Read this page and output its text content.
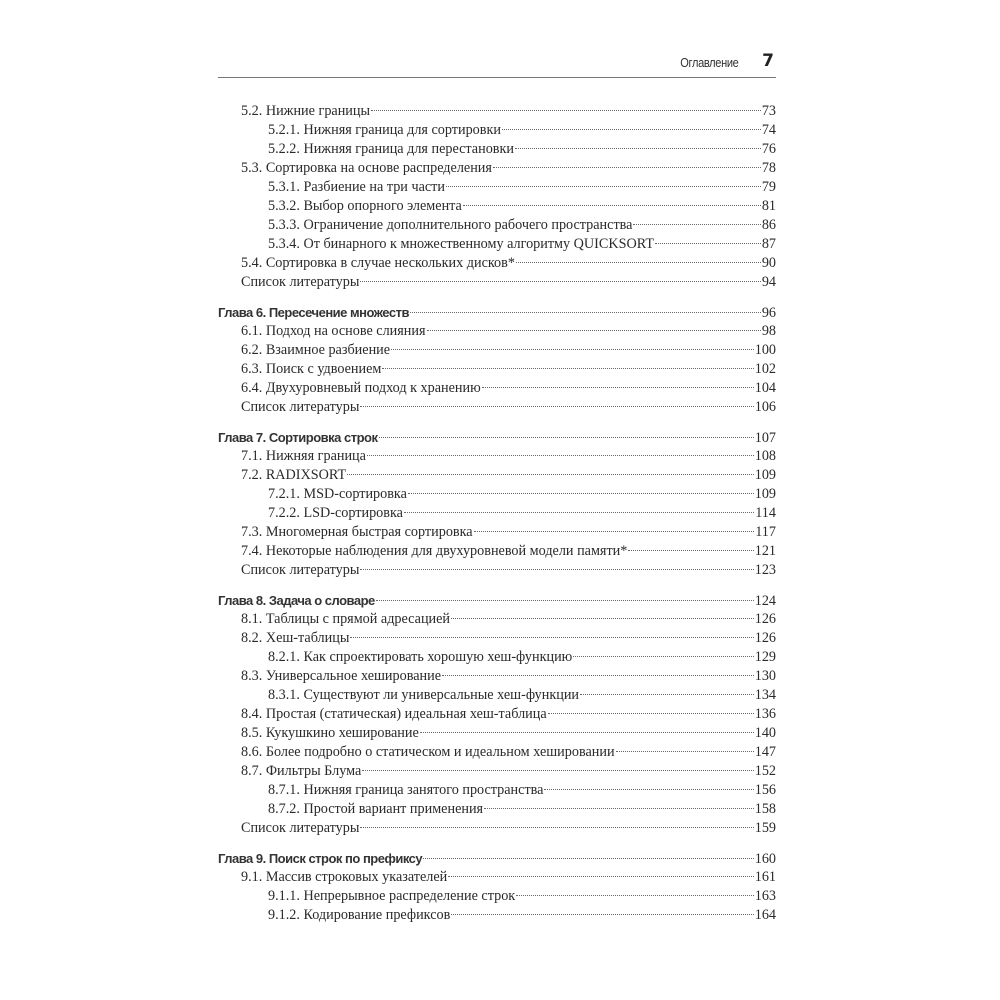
Оглавление 7
5.2. Нижние границы	73
5.2.1. Нижняя граница для сортировки	74
5.2.2. Нижняя граница для перестановки	76
5.3. Сортировка на основе распределения	78
5.3.1. Разбиение на три части	79
5.3.2. Выбор опорного элемента	81
5.3.3. Ограничение дополнительного рабочего пространства	86
5.3.4. От бинарного к множественному алгоритму QUICKSORT	87
5.4. Сортировка в случае нескольких дисков*	90
Список литературы	94
Глава 6. Пересечение множеств	96
6.1. Подход на основе слияния	98
6.2. Взаимное разбиение	100
6.3. Поиск с удвоением	102
6.4. Двухуровневый подход к хранению	104
Список литературы	106
Глава 7. Сортировка строк	107
7.1. Нижняя граница	108
7.2. RADIXSORT	109
7.2.1. MSD-сортировка	109
7.2.2. LSD-сортировка	114
7.3. Многомерная быстрая сортировка	117
7.4. Некоторые наблюдения для двухуровневой модели памяти*	121
Список литературы	123
Глава 8. Задача о словаре	124
8.1. Таблицы с прямой адресацией	126
8.2. Хеш-таблицы	126
8.2.1. Как спроектировать хорошую хеш-функцию	129
8.3. Универсальное хеширование	130
8.3.1. Существуют ли универсальные хеш-функции	134
8.4. Простая (статическая) идеальная хеш-таблица	136
8.5. Кукушкино хеширование	140
8.6. Более подробно о статическом и идеальном хешировании	147
8.7. Фильтры Блума	152
8.7.1. Нижняя граница занятого пространства	156
8.7.2. Простой вариант применения	158
Список литературы	159
Глава 9. Поиск строк по префиксу	160
9.1. Массив строковых указателей	161
9.1.1. Непрерывное распределение строк	163
9.1.2. Кодирование префиксов	164
